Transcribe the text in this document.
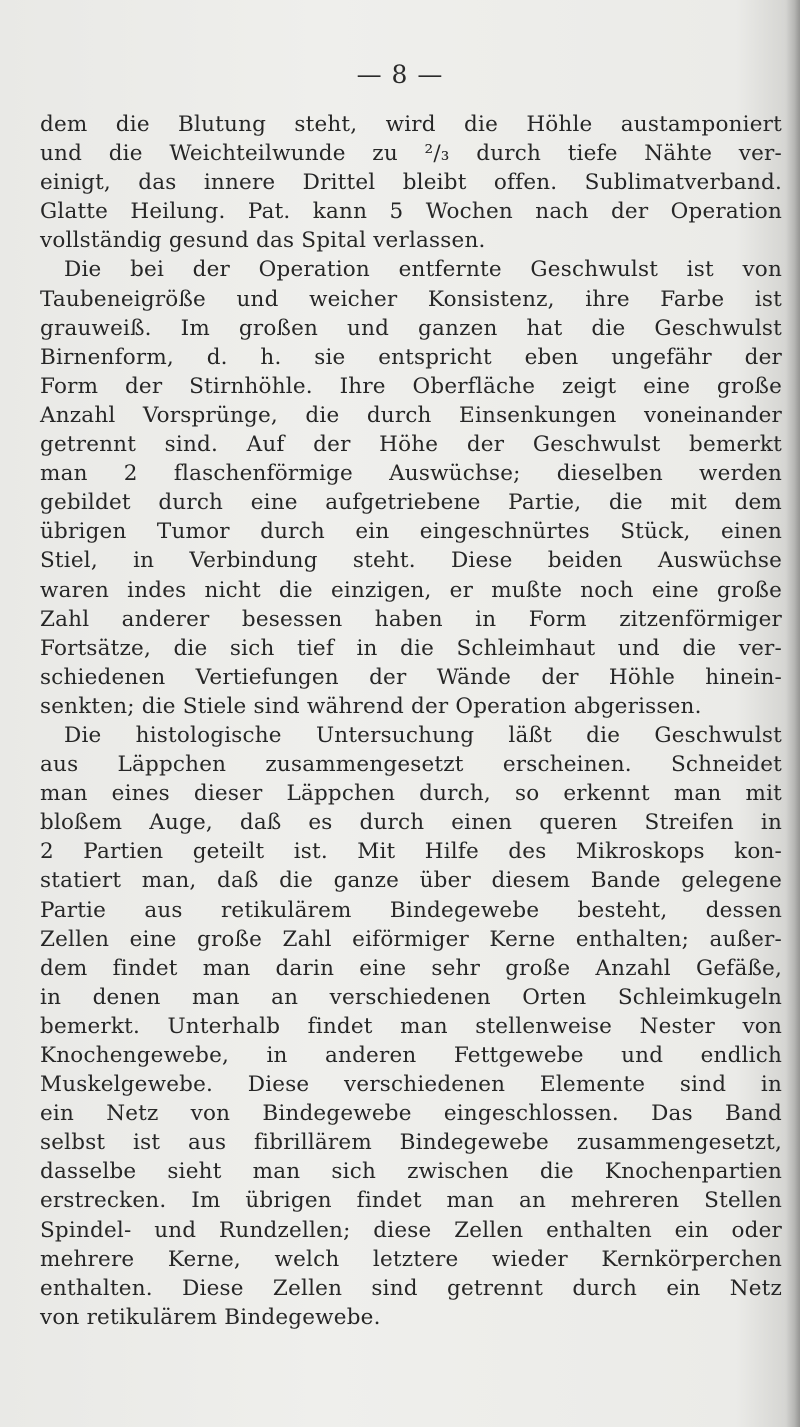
— 8 —
dem die Blutung steht, wird die Höhle austamponiert
und die Weichteilwunde zu ²/₃ durch tiefe Nähte ver-
einigt, das innere Drittel bleibt offen. Sublimatverband.
Glatte Heilung. Pat. kann 5 Wochen nach der Operation
vollständig gesund das Spital verlassen.
Die bei der Operation entfernte Geschwulst ist von
Taubeneigröße und weicher Konsistenz, ihre Farbe ist
grauweiß. Im großen und ganzen hat die Geschwulst
Birnenform, d. h. sie entspricht eben ungefähr der
Form der Stirnhöhle. Ihre Oberfläche zeigt eine große
Anzahl Vorsprünge, die durch Einsenkungen voneinander
getrennt sind. Auf der Höhe der Geschwulst bemerkt
man 2 flaschenförmige Auswüchse; dieselben werden
gebildet durch eine aufgetriebene Partie, die mit dem
übrigen Tumor durch ein eingeschnürtes Stück, einen
Stiel, in Verbindung steht. Diese beiden Auswüchse
waren indes nicht die einzigen, er mußte noch eine große
Zahl anderer besessen haben in Form zitzenförmiger
Fortsätze, die sich tief in die Schleimhaut und die ver-
schiedenen Vertiefungen der Wände der Höhle hinein-
senkten; die Stiele sind während der Operation abgerissen.
Die histologische Untersuchung läßt die Geschwulst
aus Läppchen zusammengesetzt erscheinen. Schneidet
man eines dieser Läppchen durch, so erkennt man mit
bloßem Auge, daß es durch einen queren Streifen in
2 Partien geteilt ist. Mit Hilfe des Mikroskops kon-
statiert man, daß die ganze über diesem Bande gelegene
Partie aus retikulärem Bindegewebe besteht, dessen
Zellen eine große Zahl eiförmiger Kerne enthalten; außer-
dem findet man darin eine sehr große Anzahl Gefäße,
in denen man an verschiedenen Orten Schleimkugeln
bemerkt. Unterhalb findet man stellenweise Nester von
Knochengewebe, in anderen Fettgewebe und endlich
Muskelgewebe. Diese verschiedenen Elemente sind in
ein Netz von Bindegewebe eingeschlossen. Das Band
selbst ist aus fibrillärem Bindegewebe zusammengesetzt,
dasselbe sieht man sich zwischen die Knochenpartien
erstrecken. Im übrigen findet man an mehreren Stellen
Spindel- und Rundzellen; diese Zellen enthalten ein oder
mehrere Kerne, welch letztere wieder Kernkörperchen
enthalten. Diese Zellen sind getrennt durch ein Netz
von retikulärem Bindegewebe.
